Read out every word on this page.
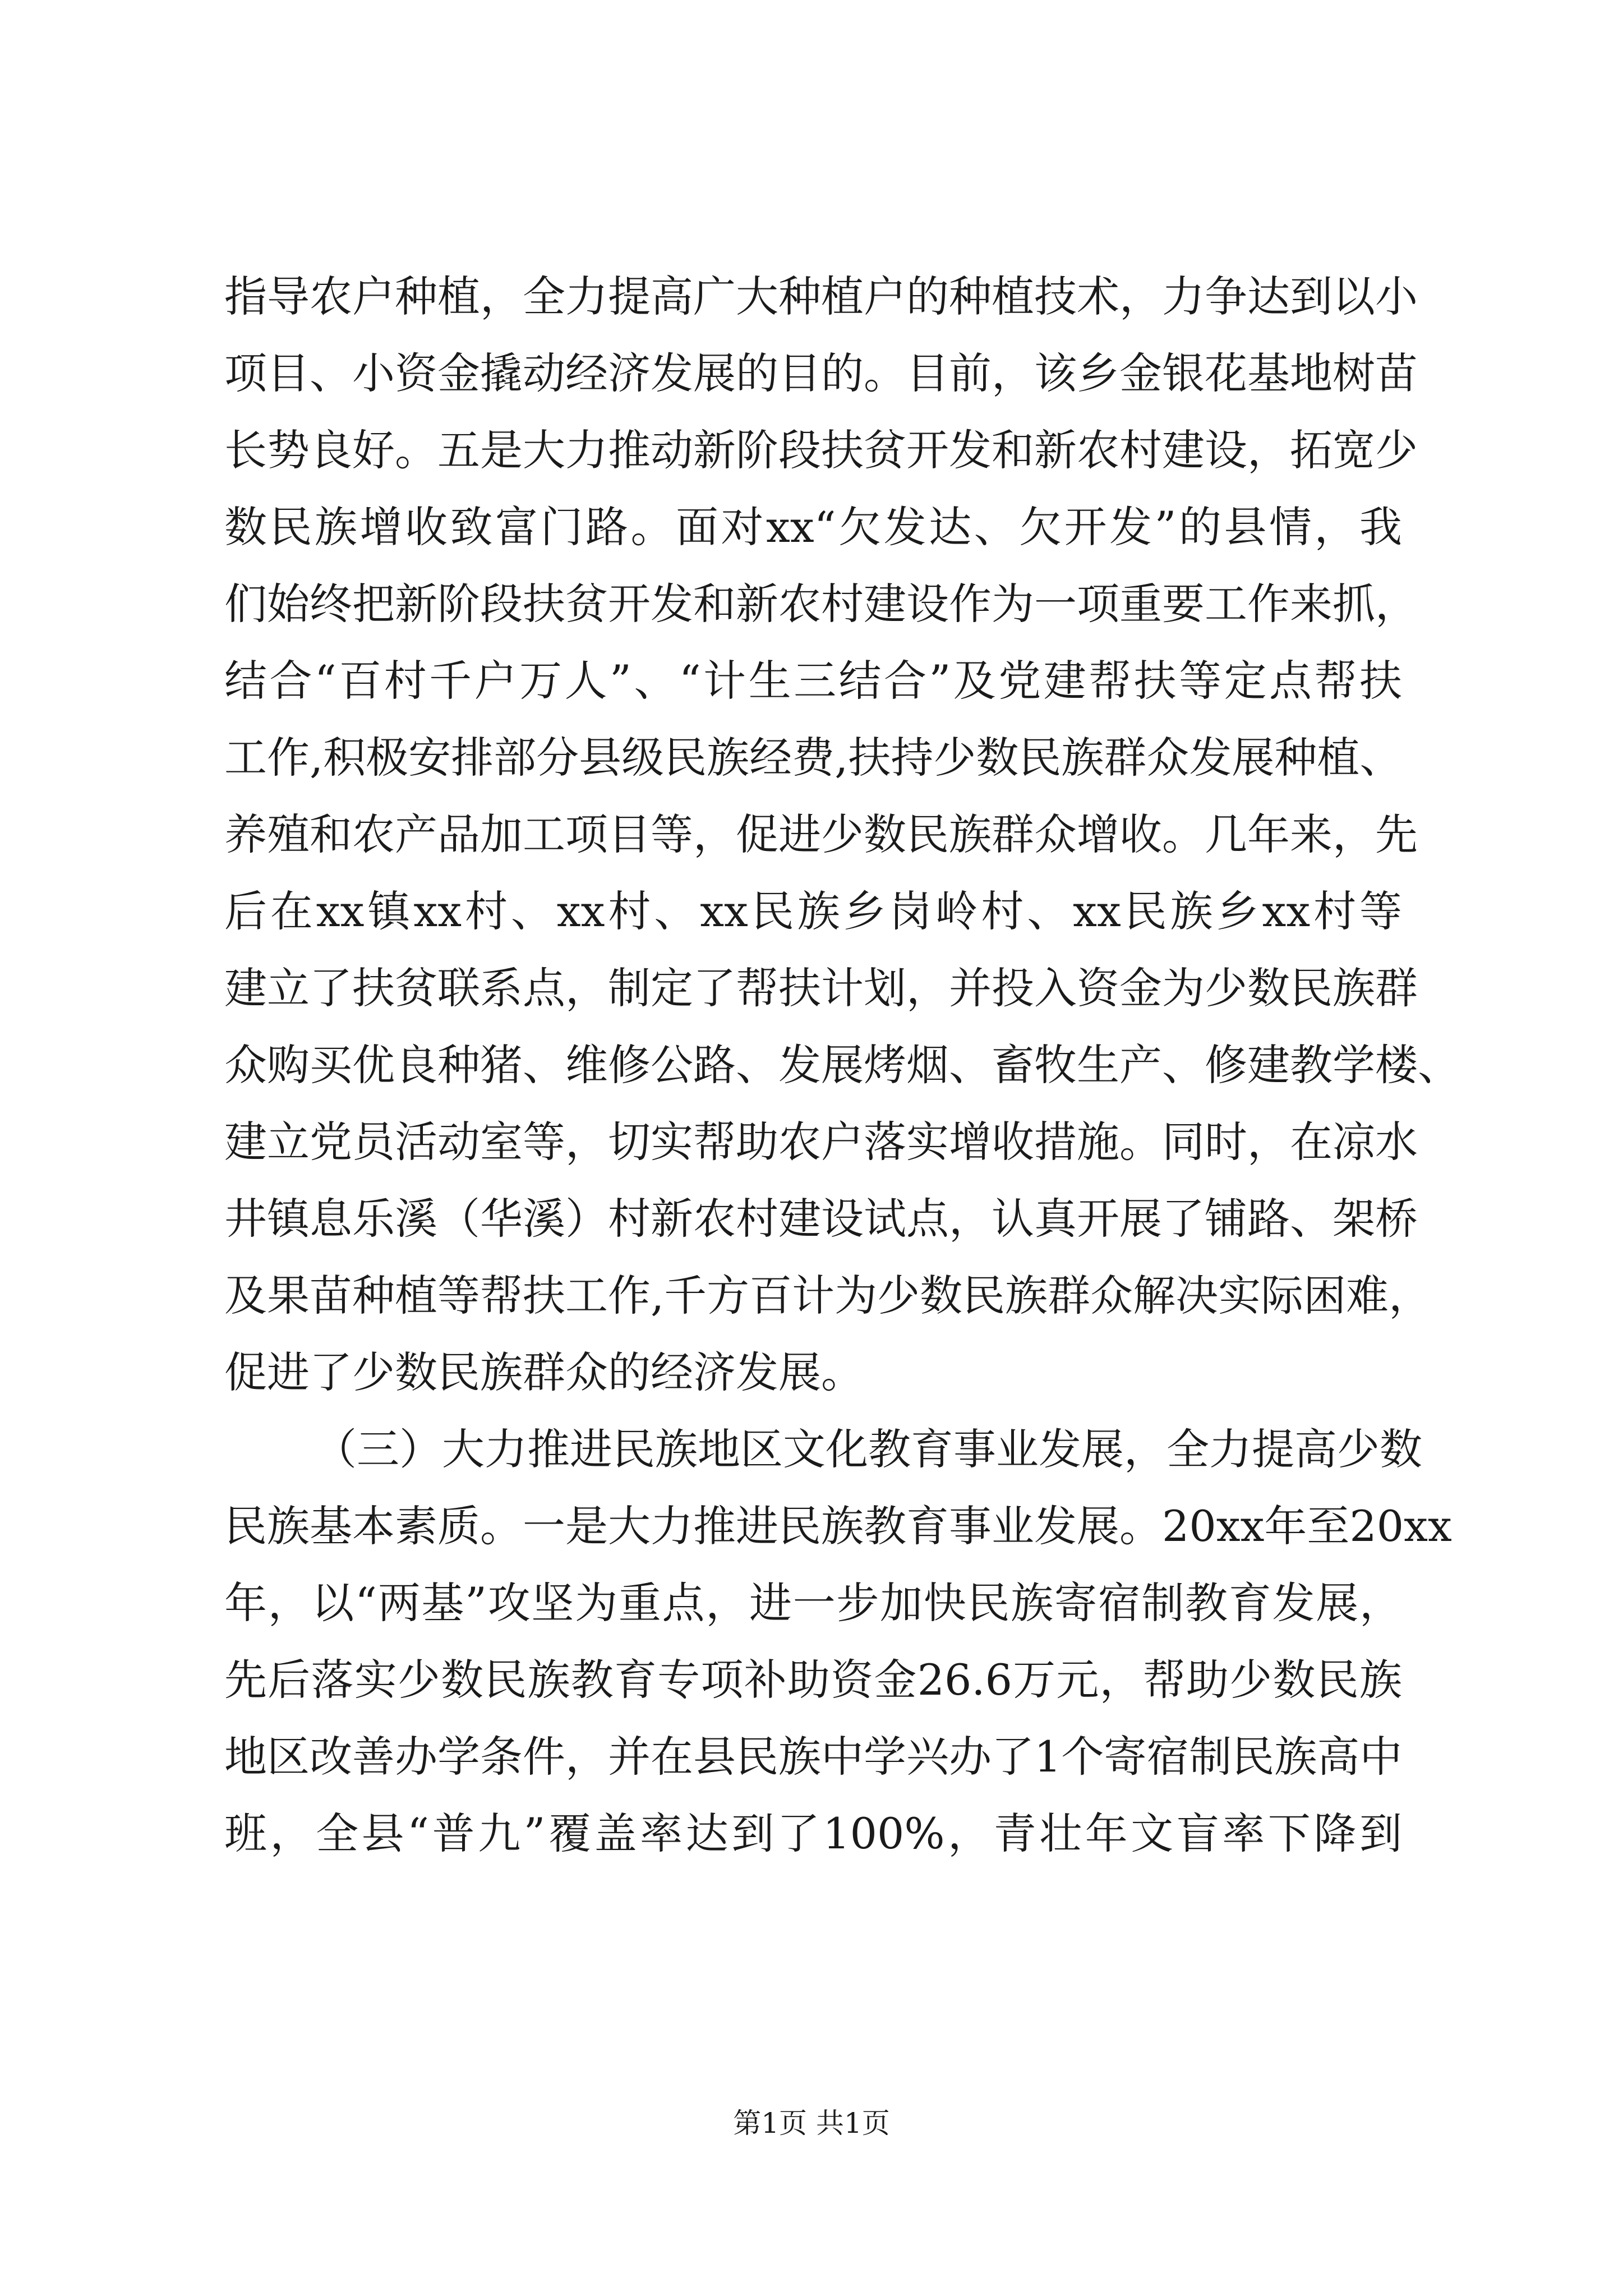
指导农户种植，全力提高广大种植户的种植技术，力争达到以小
项目、小资金撬动经济发展的目的。目前，该乡金银花基地树苗
长势良好。五是大力推动新阶段扶贫开发和新农村建设，拓宽少
数民族增收致富门路。面对xx“欠发达、欠开发”的县情，我
们始终把新阶段扶贫开发和新农村建设作为一项重要工作来抓，
结合“百村千户万人”、“计生三结合”及党建帮扶等定点帮扶
工作,积极安排部分县级民族经费,扶持少数民族群众发展种植、
养殖和农产品加工项目等，促进少数民族群众增收。几年来，先
后在xx镇xx村、xx村、xx民族乡岗岭村、xx民族乡xx村等
建立了扶贫联系点，制定了帮扶计划，并投入资金为少数民族群
众购买优良种猪、维修公路、发展烤烟、畜牧生产、修建教学楼、
建立党员活动室等，切实帮助农户落实增收措施。同时，在凉水
井镇息乐溪（华溪）村新农村建设试点，认真开展了铺路、架桥
及果苗种植等帮扶工作,千方百计为少数民族群众解决实际困难，
促进了少数民族群众的经济发展。
（三）大力推进民族地区文化教育事业发展，全力提高少数
民族基本素质。一是大力推进民族教育事业发展。20xx年至20xx
年，以“两基”攻坚为重点，进一步加快民族寄宿制教育发展，
先后落实少数民族教育专项补助资金26.6万元，帮助少数民族
地区改善办学条件，并在县民族中学兴办了1个寄宿制民族高中
班，全县“普九”覆盖率达到了100%，青壮年文盲率下降到
第1页 共1页
